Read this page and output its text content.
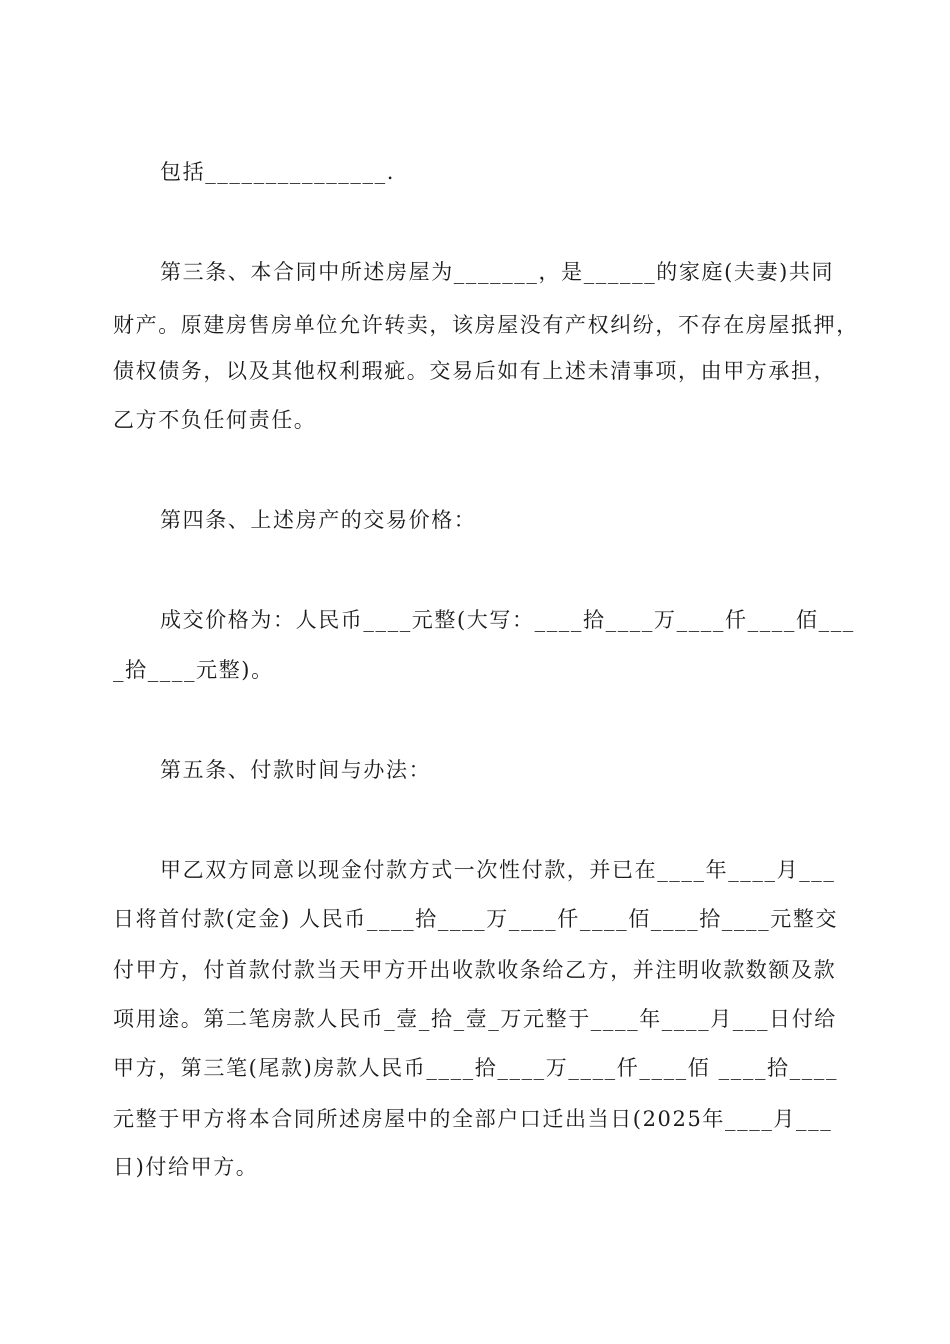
包括_______________.
第三条、本合同中所述房屋为_______，是______的家庭(夫妻)共同
财产。原建房售房单位允许转卖，该房屋没有产权纠纷，不存在房屋抵押，
债权债务，以及其他权利瑕疵。交易后如有上述未清事项，由甲方承担，
乙方不负任何责任。
第四条、上述房产的交易价格：
成交价格为：人民币____元整(大写：____拾____万____仟____佰___
_拾____元整)。
第五条、付款时间与办法：
甲乙双方同意以现金付款方式一次性付款，并已在____年____月___
日将首付款(定金) 人民币____拾____万____仟____佰____拾____元整交
付甲方，付首款付款当天甲方开出收款收条给乙方，并注明收款数额及款
项用途。第二笔房款人民币_壹_拾_壹_万元整于____年____月___日付给
甲方，第三笔(尾款)房款人民币____拾____万____仟____佰 ____拾____
元整于甲方将本合同所述房屋中的全部户口迁出当日(2025年____月___
日)付给甲方。
